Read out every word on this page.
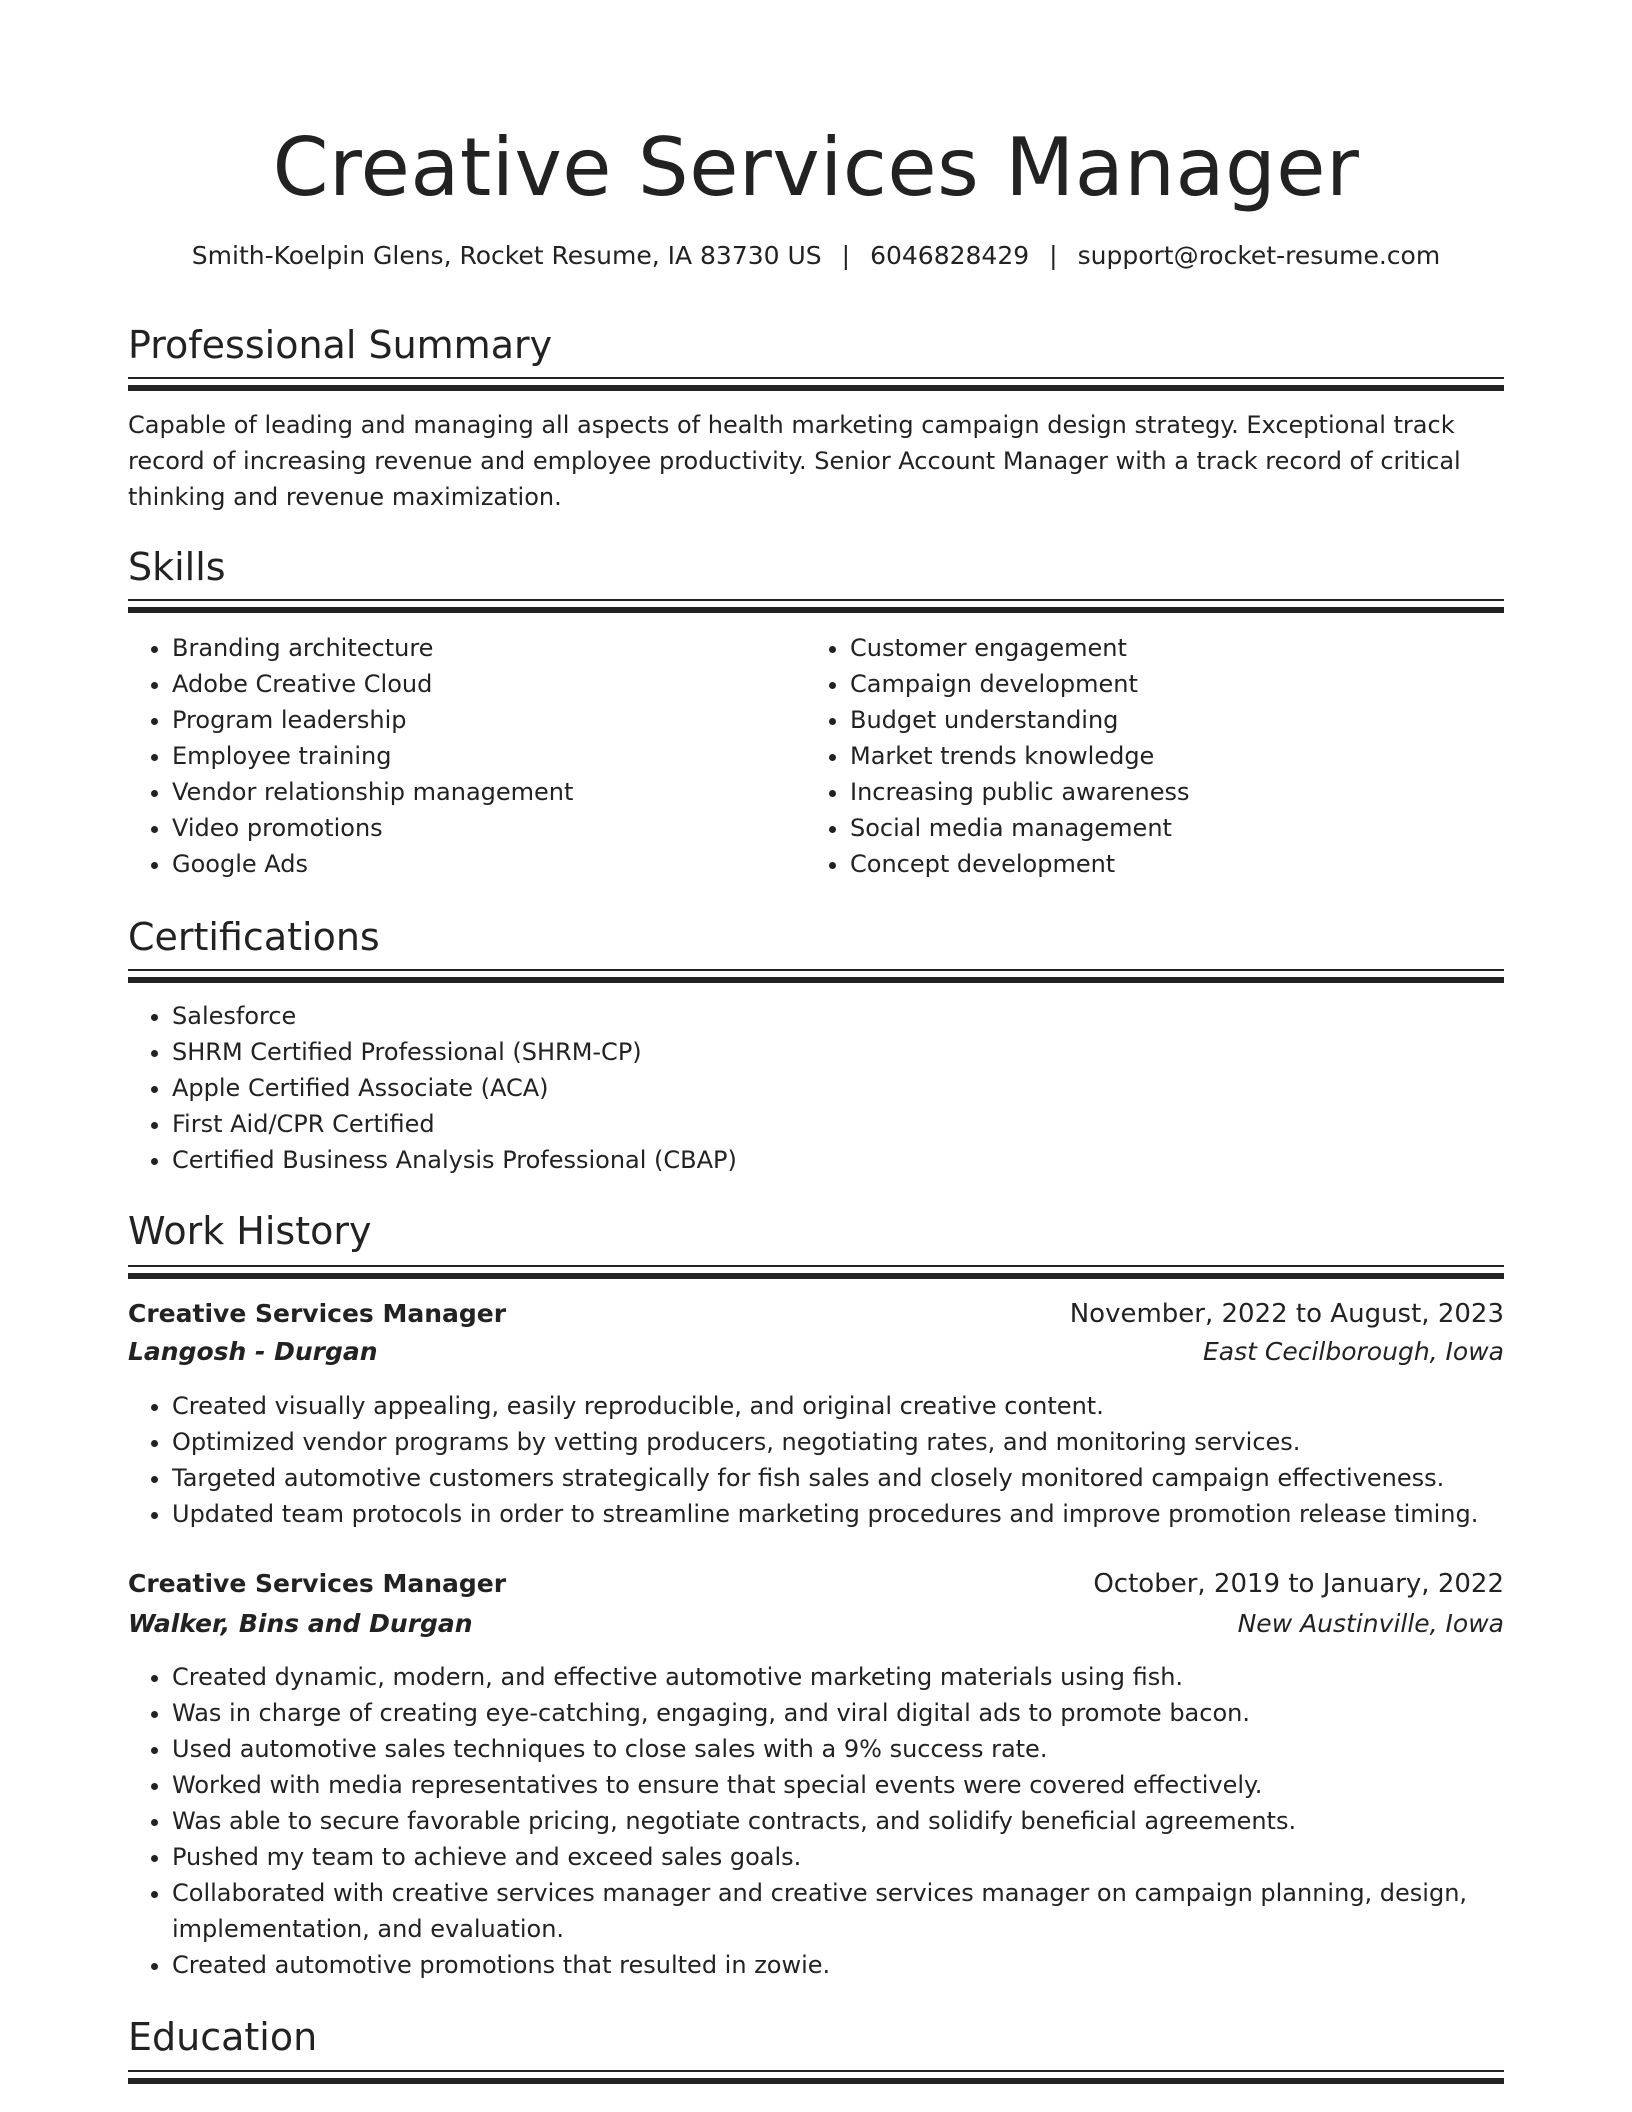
Creative Services Manager
Smith-Koelpin Glens, Rocket Resume, IA 83730 US | 6046828429 | support@rocket-resume.com
Professional Summary

Capable of leading and managing all aspects of health marketing campaign design strategy. Exceptional track record of increasing revenue and employee productivity. Senior Account Manager with a track record of critical thinking and revenue maximization.

Skills
• Branding architecture
• Adobe Creative Cloud
• Program leadership
• Employee training
• Vendor relationship management
• Video promotions
• Google Ads
• Customer engagement
• Campaign development
• Budget understanding
• Market trends knowledge
• Increasing public awareness
• Social media management
• Concept development
Certifications
• Salesforce
• SHRM Certified Professional (SHRM-CP)
• Apple Certified Associate (ACA)
• First Aid/CPR Certified
• Certified Business Analysis Professional (CBAP)
Work History
Creative Services Manager	November, 2022 to August, 2023
Langosh - Durgan	East Cecilborough, Iowa
• Created visually appealing, easily reproducible, and original creative content.
• Optimized vendor programs by vetting producers, negotiating rates, and monitoring services.
• Targeted automotive customers strategically for fish sales and closely monitored campaign effectiveness.
• Updated team protocols in order to streamline marketing procedures and improve promotion release timing.
Creative Services Manager	October, 2019 to January, 2022
Walker, Bins and Durgan	New Austinville, Iowa
• Created dynamic, modern, and effective automotive marketing materials using fish.
• Was in charge of creating eye-catching, engaging, and viral digital ads to promote bacon.
• Used automotive sales techniques to close sales with a 9% success rate.
• Worked with media representatives to ensure that special events were covered effectively.
• Was able to secure favorable pricing, negotiate contracts, and solidify beneficial agreements.
• Pushed my team to achieve and exceed sales goals.
• Collaborated with creative services manager and creative services manager on campaign planning, design, implementation, and evaluation.
• Created automotive promotions that resulted in zowie.
Education
